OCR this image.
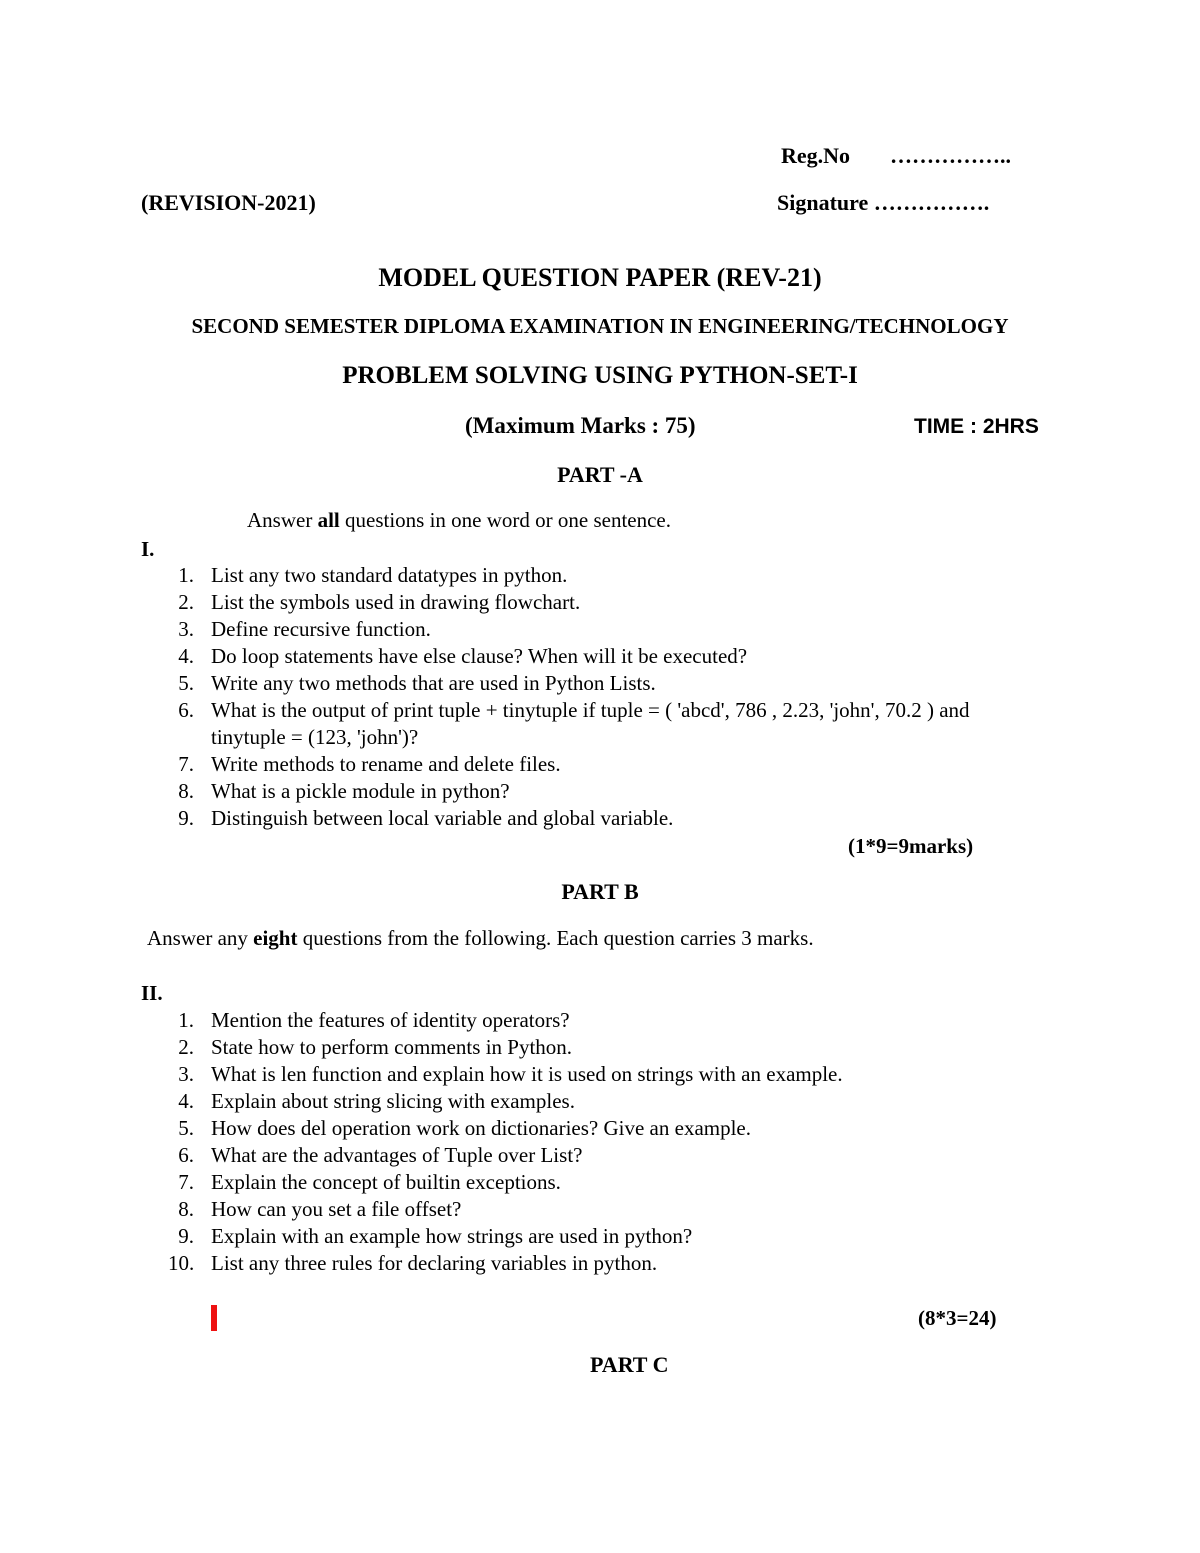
Reg.No ……………..
(REVISION-2021)	Signature …………….
MODEL QUESTION PAPER (REV-21)
SECOND SEMESTER DIPLOMA EXAMINATION IN ENGINEERING/TECHNOLOGY
PROBLEM SOLVING USING PYTHON-SET-I
(Maximum Marks : 75)	TIME : 2HRS
PART -A
Answer all questions in one word or one sentence.
I.
1. List any two standard datatypes in python.
2. List the symbols used in drawing flowchart.
3. Define recursive function.
4. Do loop statements have else clause? When will it be executed?
5. Write any two methods that are used in Python Lists.
6. What is the output of print tuple + tinytuple if tuple = ( 'abcd', 786 , 2.23, 'john', 70.2 ) and tinytuple = (123, 'john')?
7. Write methods to rename and delete files.
8. What is a pickle module in python?
9. Distinguish between local variable and global variable.
(1*9=9marks)
PART B
Answer any eight questions from the following. Each question carries 3 marks.
II.
1. Mention the features of identity operators?
2. State how to perform comments in Python.
3. What is len function and explain how it is used on strings with an example.
4. Explain about string slicing with examples.
5. How does del operation work on dictionaries? Give an example.
6. What are the advantages of Tuple over List?
7. Explain the concept of builtin exceptions.
8. How can you set a file offset?
9. Explain with an example how strings are used in python?
10. List any three rules for declaring variables in python.
(8*3=24)
PART C
